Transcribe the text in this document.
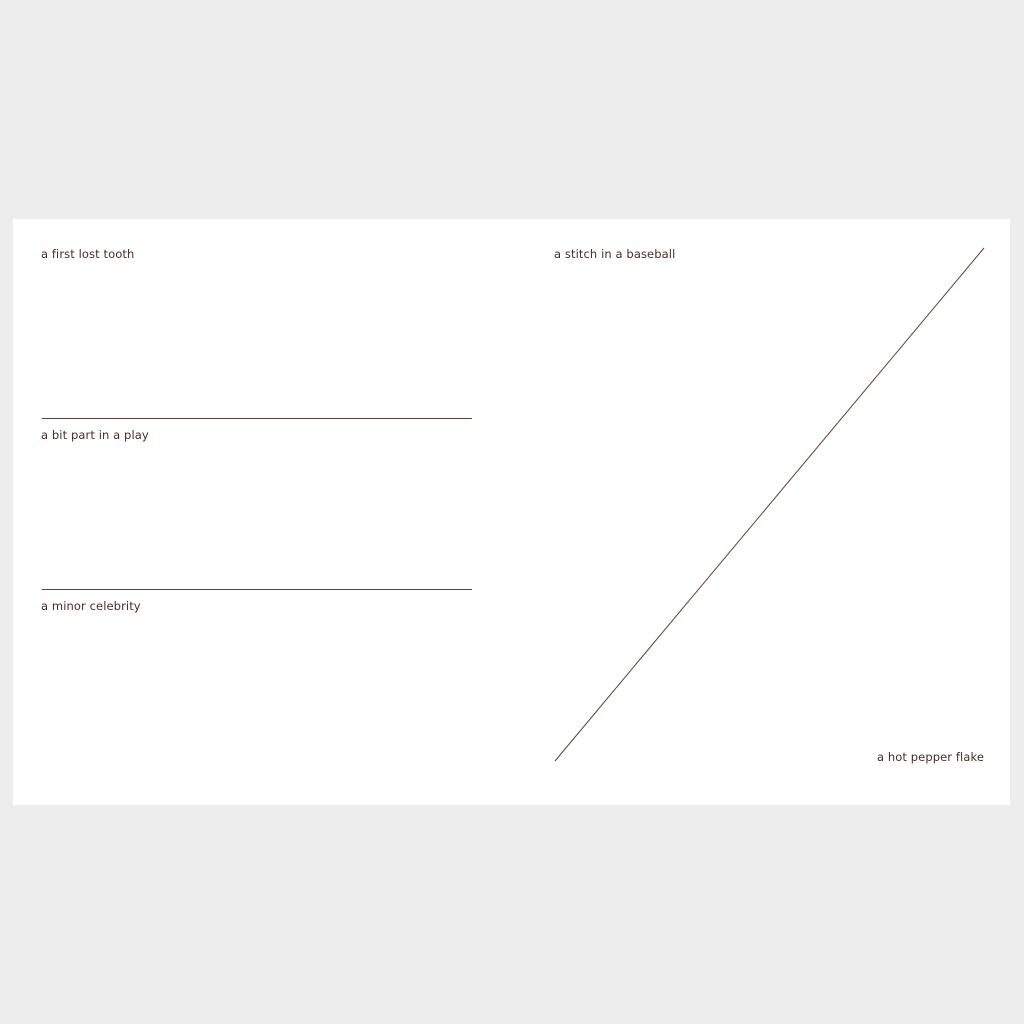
a first lost tooth
a bit part in a play
a minor celebrity
a stitch in a baseball
a hot pepper flake
